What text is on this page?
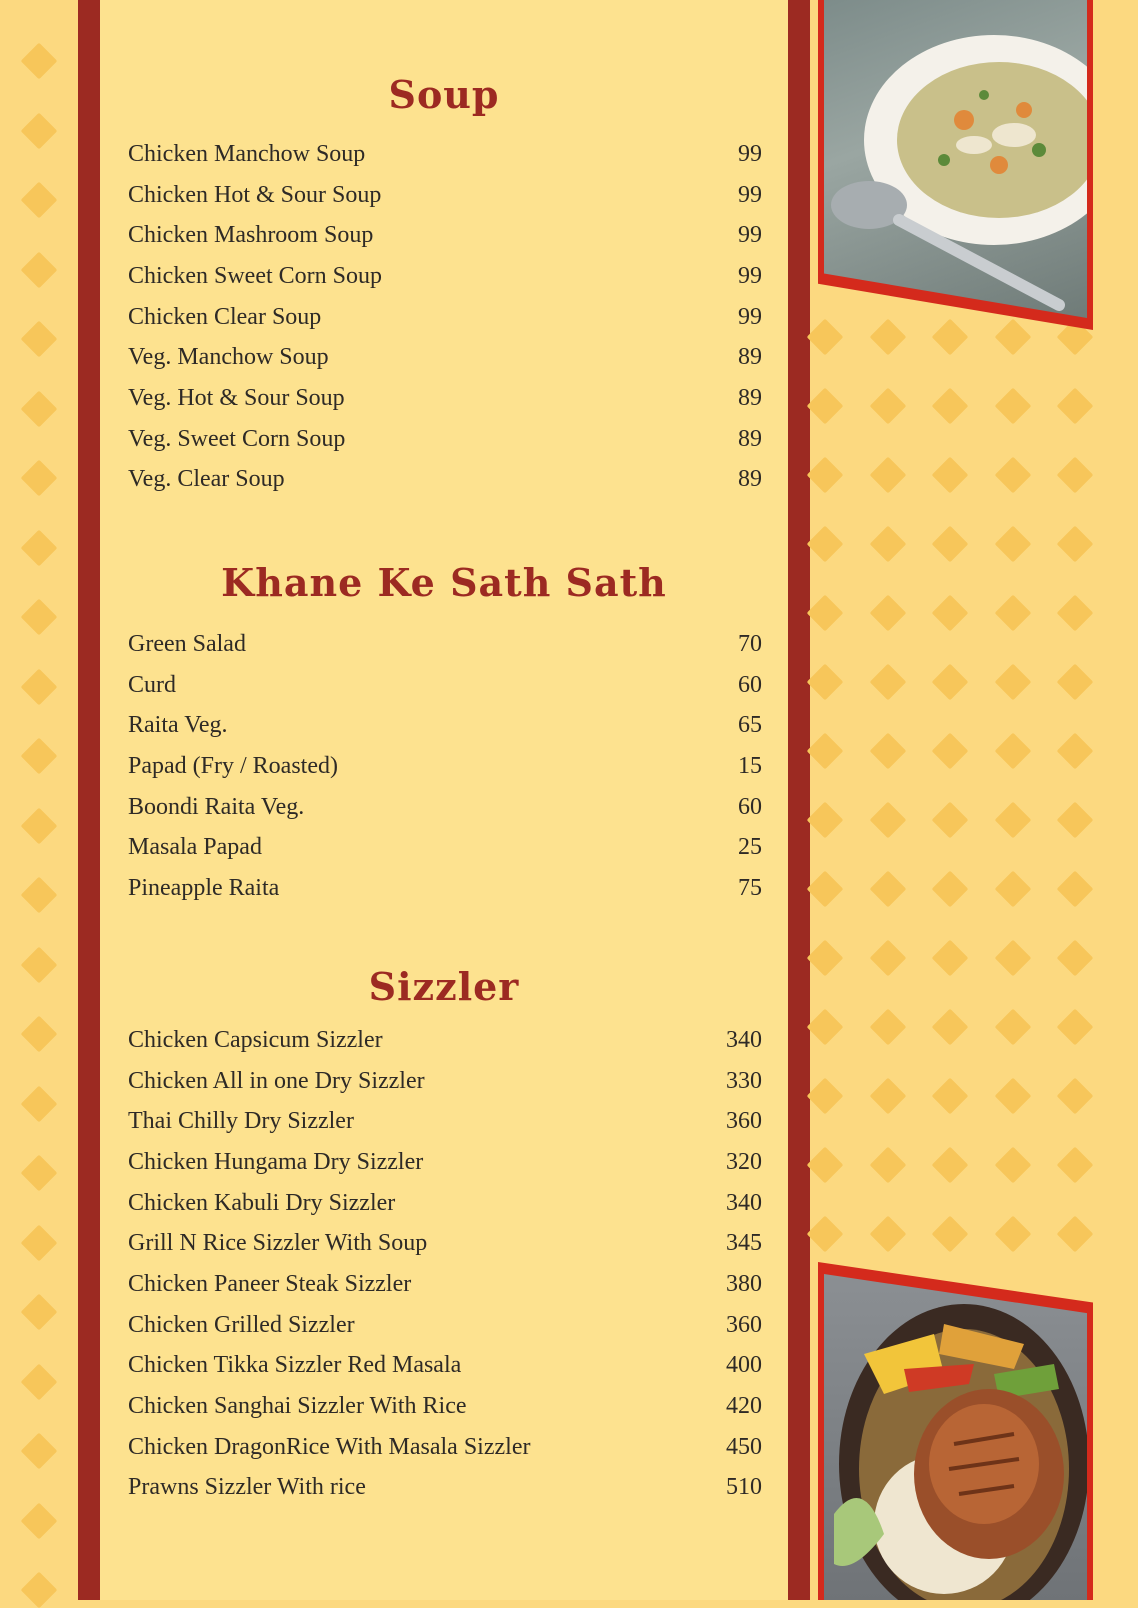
Soup
Chicken Manchow Soup	99
Chicken Hot & Sour Soup	99
Chicken Mashroom Soup	99
Chicken Sweet Corn Soup	99
Chicken Clear Soup	99
Veg. Manchow Soup	89
Veg. Hot & Sour Soup	89
Veg. Sweet Corn Soup	89
Veg. Clear Soup	89
Khane Ke Sath Sath
Green Salad	70
Curd	60
Raita Veg.	65
Papad (Fry / Roasted)	15
Boondi Raita Veg.	60
Masala Papad	25
Pineapple Raita	75
Sizzler
Chicken Capsicum Sizzler	340
Chicken All in one Dry Sizzler	330
Thai Chilly Dry Sizzler	360
Chicken Hungama Dry Sizzler	320
Chicken Kabuli Dry Sizzler	340
Grill N Rice Sizzler With Soup	345
Chicken Paneer Steak Sizzler	380
Chicken Grilled Sizzler	360
Chicken Tikka Sizzler Red Masala	400
Chicken Sanghai Sizzler With Rice	420
Chicken DragonRice With Masala Sizzler	450
Prawns Sizzler With rice	510
